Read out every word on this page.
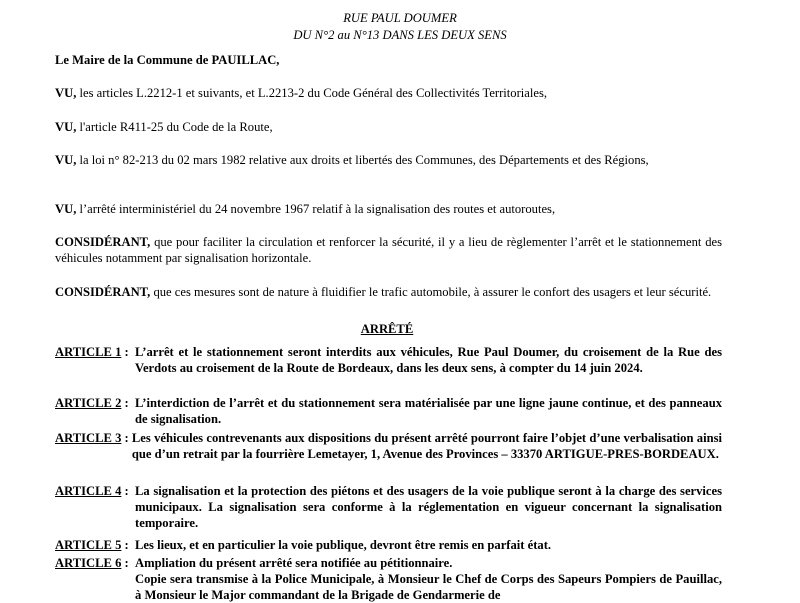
RUE PAUL DOUMER
DU N°2 au N°13 DANS LES DEUX SENS

Le Maire de la Commune de PAUILLAC,

VU, les articles L.2212-1 et suivants, et L.2213-2 du Code Général des Collectivités Territoriales,

VU, l'article R411-25 du Code de la Route,

VU, la loi n° 82-213 du 02 mars 1982 relative aux droits et libertés des Communes, des Départements et des Régions,

VU, l’arrêté interministériel du 24 novembre 1967 relatif à la signalisation des routes et autoroutes,

CONSIDÉRANT, que pour faciliter la circulation et renforcer la sécurité, il y a lieu de règlementer l’arrêt et le stationnement des véhicules notamment par signalisation horizontale.

CONSIDÉRANT, que ces mesures sont de nature à fluidifier le trafic automobile, à assurer le confort des usagers et leur sécurité.

ARRÊTÉ
ARTICLE 1 : L’arrêt et le stationnement seront interdits aux véhicules, Rue Paul Doumer, du croisement de la Rue des Verdots au croisement de la Route de Bordeaux, dans les deux sens, à compter du 14 juin 2024.
ARTICLE 2 : L’interdiction de l’arrêt et du stationnement sera matérialisée par une ligne jaune continue, et des panneaux de signalisation.
ARTICLE 3 : Les véhicules contrevenants aux dispositions du présent arrêté pourront faire l’objet d’une verbalisation ainsi que d’un retrait par la fourrière Lemetayer, 1, Avenue des Provinces – 33370 ARTIGUE-PRES-BORDEAUX.
ARTICLE 4 : La signalisation et la protection des piétons et des usagers de la voie publique seront à la charge des services municipaux. La signalisation sera conforme à la réglementation en vigueur concernant la signalisation temporaire.
ARTICLE 5 : Les lieux, et en particulier la voie publique, devront être remis en parfait état.
ARTICLE 6 : Ampliation du présent arrêté sera notifiée au pétitionnaire.
Copie sera transmise à la Police Municipale, à Monsieur le Chef de Corps des Sapeurs Pompiers de Pauillac, à Monsieur le Major commandant de la Brigade de Gendarmerie de
